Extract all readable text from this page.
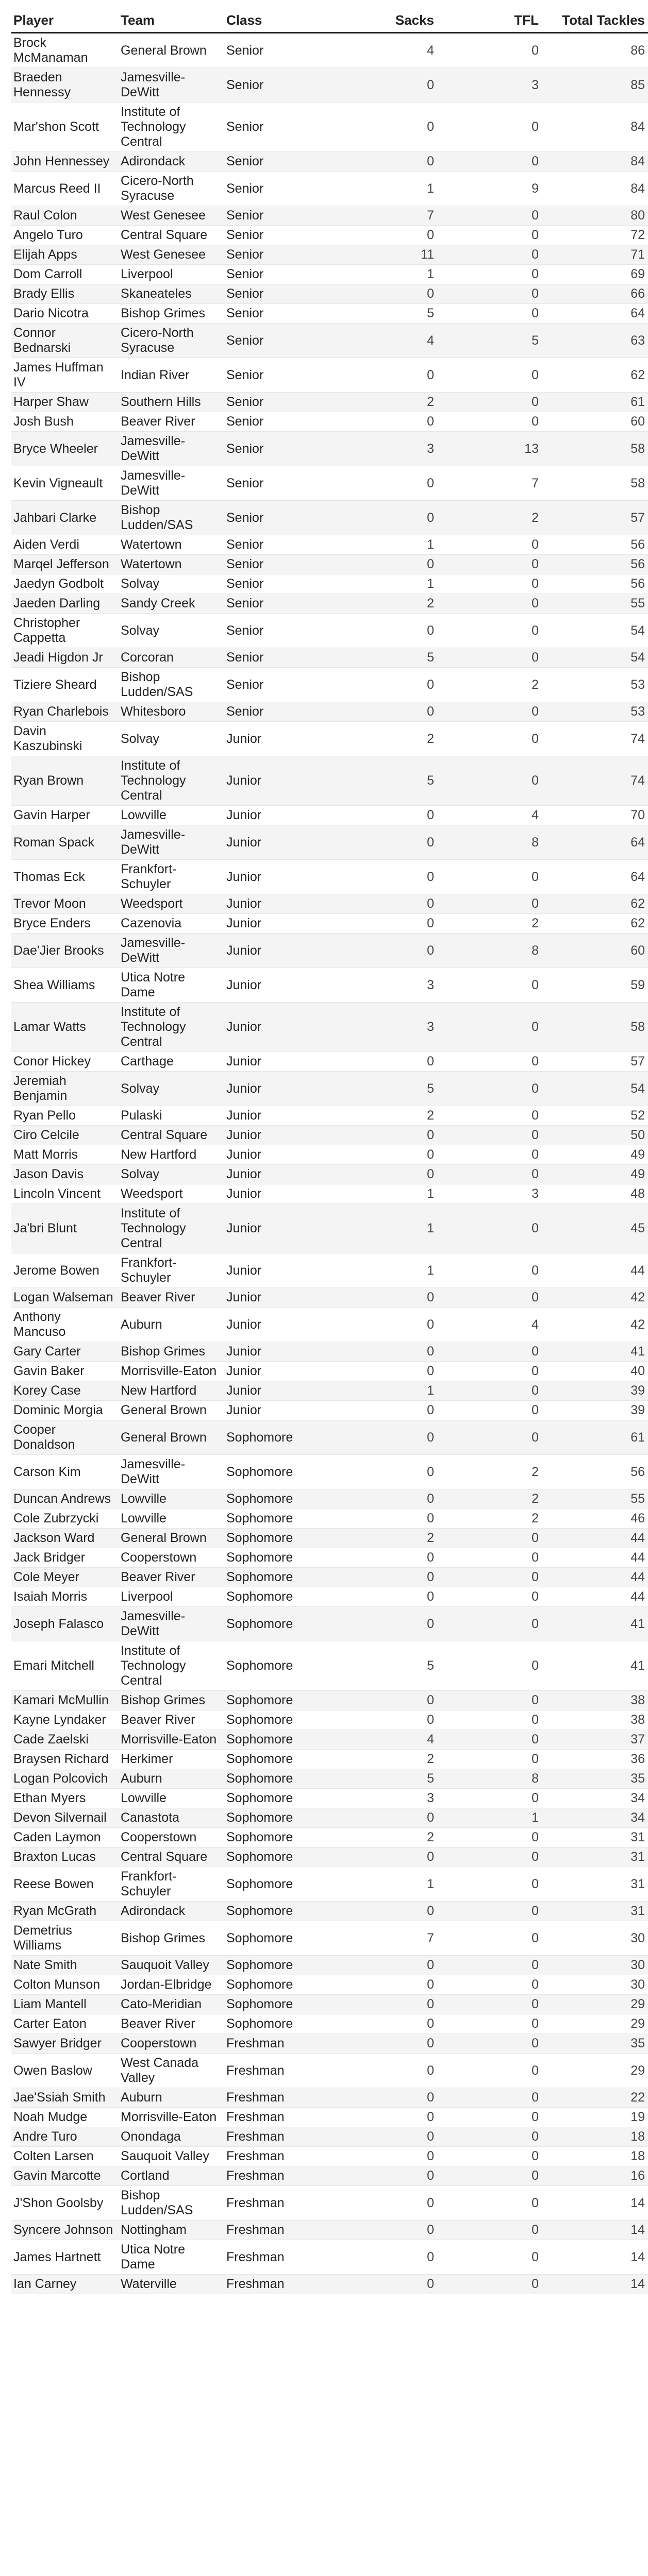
Player	Team	Class	Sacks	TFL	Total Tackles
Brock McManaman	General Brown	Senior	4	0	86
Braeden Hennessy	Jamesville-DeWitt	Senior	0	3	85
Mar'shon Scott	Institute of Technology Central	Senior	0	0	84
John Hennessey	Adirondack	Senior	0	0	84
Marcus Reed II	Cicero-North Syracuse	Senior	1	9	84
Raul Colon	West Genesee	Senior	7	0	80
Angelo Turo	Central Square	Senior	0	0	72
Elijah Apps	West Genesee	Senior	11	0	71
Dom Carroll	Liverpool	Senior	1	0	69
Brady Ellis	Skaneateles	Senior	0	0	66
Dario Nicotra	Bishop Grimes	Senior	5	0	64
Connor Bednarski	Cicero-North Syracuse	Senior	4	5	63
James Huffman IV	Indian River	Senior	0	0	62
Harper Shaw	Southern Hills	Senior	2	0	61
Josh Bush	Beaver River	Senior	0	0	60
Bryce Wheeler	Jamesville-DeWitt	Senior	3	13	58
Kevin Vigneault	Jamesville-DeWitt	Senior	0	7	58
Jahbari Clarke	Bishop Ludden/SAS	Senior	0	2	57
Aiden Verdi	Watertown	Senior	1	0	56
Marqel Jefferson	Watertown	Senior	0	0	56
Jaedyn Godbolt	Solvay	Senior	1	0	56
Jaeden Darling	Sandy Creek	Senior	2	0	55
Christopher Cappetta	Solvay	Senior	0	0	54
Jeadi Higdon Jr	Corcoran	Senior	5	0	54
Tiziere Sheard	Bishop Ludden/SAS	Senior	0	2	53
Ryan Charlebois	Whitesboro	Senior	0	0	53
Davin Kaszubinski	Solvay	Junior	2	0	74
Ryan Brown	Institute of Technology Central	Junior	5	0	74
Gavin Harper	Lowville	Junior	0	4	70
Roman Spack	Jamesville-DeWitt	Junior	0	8	64
Thomas Eck	Frankfort-Schuyler	Junior	0	0	64
Trevor Moon	Weedsport	Junior	0	0	62
Bryce Enders	Cazenovia	Junior	0	2	62
Dae'Jier Brooks	Jamesville-DeWitt	Junior	0	8	60
Shea Williams	Utica Notre Dame	Junior	3	0	59
Lamar Watts	Institute of Technology Central	Junior	3	0	58
Conor Hickey	Carthage	Junior	0	0	57
Jeremiah Benjamin	Solvay	Junior	5	0	54
Ryan Pello	Pulaski	Junior	2	0	52
Ciro Celcile	Central Square	Junior	0	0	50
Matt Morris	New Hartford	Junior	0	0	49
Jason Davis	Solvay	Junior	0	0	49
Lincoln Vincent	Weedsport	Junior	1	3	48
Ja'bri Blunt	Institute of Technology Central	Junior	1	0	45
Jerome Bowen	Frankfort-Schuyler	Junior	1	0	44
Logan Walseman	Beaver River	Junior	0	0	42
Anthony Mancuso	Auburn	Junior	0	4	42
Gary Carter	Bishop Grimes	Junior	0	0	41
Gavin Baker	Morrisville-Eaton	Junior	0	0	40
Korey Case	New Hartford	Junior	1	0	39
Dominic Morgia	General Brown	Junior	0	0	39
Cooper Donaldson	General Brown	Sophomore	0	0	61
Carson Kim	Jamesville-DeWitt	Sophomore	0	2	56
Duncan Andrews	Lowville	Sophomore	0	2	55
Cole Zubrzycki	Lowville	Sophomore	0	2	46
Jackson Ward	General Brown	Sophomore	2	0	44
Jack Bridger	Cooperstown	Sophomore	0	0	44
Cole Meyer	Beaver River	Sophomore	0	0	44
Isaiah Morris	Liverpool	Sophomore	0	0	44
Joseph Falasco	Jamesville-DeWitt	Sophomore	0	0	41
Emari Mitchell	Institute of Technology Central	Sophomore	5	0	41
Kamari McMullin	Bishop Grimes	Sophomore	0	0	38
Kayne Lyndaker	Beaver River	Sophomore	0	0	38
Cade Zaelski	Morrisville-Eaton	Sophomore	4	0	37
Braysen Richard	Herkimer	Sophomore	2	0	36
Logan Polcovich	Auburn	Sophomore	5	8	35
Ethan Myers	Lowville	Sophomore	3	0	34
Devon Silvernail	Canastota	Sophomore	0	1	34
Caden Laymon	Cooperstown	Sophomore	2	0	31
Braxton Lucas	Central Square	Sophomore	0	0	31
Reese Bowen	Frankfort-Schuyler	Sophomore	1	0	31
Ryan McGrath	Adirondack	Sophomore	0	0	31
Demetrius Williams	Bishop Grimes	Sophomore	7	0	30
Nate Smith	Sauquoit Valley	Sophomore	0	0	30
Colton Munson	Jordan-Elbridge	Sophomore	0	0	30
Liam Mantell	Cato-Meridian	Sophomore	0	0	29
Carter Eaton	Beaver River	Sophomore	0	0	29
Sawyer Bridger	Cooperstown	Freshman	0	0	35
Owen Baslow	West Canada Valley	Freshman	0	0	29
Jae'Ssiah Smith	Auburn	Freshman	0	0	22
Noah Mudge	Morrisville-Eaton	Freshman	0	0	19
Andre Turo	Onondaga	Freshman	0	0	18
Colten Larsen	Sauquoit Valley	Freshman	0	0	18
Gavin Marcotte	Cortland	Freshman	0	0	16
J'Shon Goolsby	Bishop Ludden/SAS	Freshman	0	0	14
Syncere Johnson	Nottingham	Freshman	0	0	14
James Hartnett	Utica Notre Dame	Freshman	0	0	14
Ian Carney	Waterville	Freshman	0	0	14
